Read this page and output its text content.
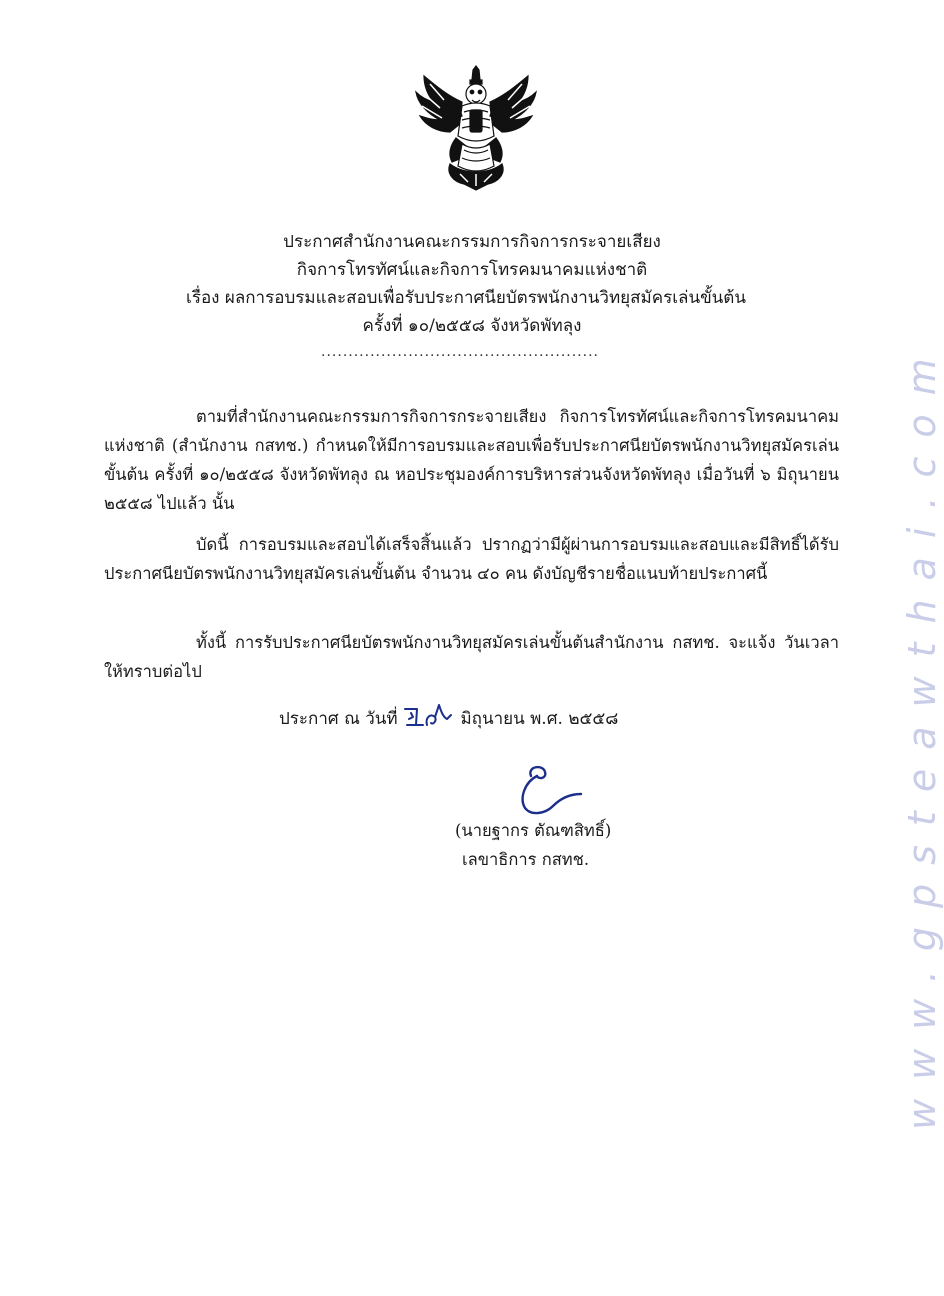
ประกาศสำนักงานคณะกรรมการกิจการกระจายเสียง
กิจการโทรทัศน์และกิจการโทรคมนาคมแห่งชาติ
เรื่อง ผลการอบรมและสอบเพื่อรับประกาศนียบัตรพนักงานวิทยุสมัครเล่นขั้นต้น
ครั้งที่ ๑๐/๒๕๕๘ จังหวัดพัทลุง
...................................................
ตามที่สำนักงานคณะกรรมการกิจการกระจายเสียง กิจการโทรทัศน์และกิจการโทรคมนาคมแห่งชาติ (สำนักงาน กสทช.) กำหนดให้มีการอบรมและสอบเพื่อรับประกาศนียบัตรพนักงานวิทยุสมัครเล่นขั้นต้น ครั้งที่ ๑๐/๒๕๕๘ จังหวัดพัทลุง ณ หอประชุมองค์การบริหารส่วนจังหวัดพัทลุง เมื่อวันที่ ๖ มิถุนายน ๒๕๕๘ ไปแล้ว นั้น
บัดนี้ การอบรมและสอบได้เสร็จสิ้นแล้ว ปรากฏว่ามีผู้ผ่านการอบรมและสอบและมีสิทธิ์ได้รับประกาศนียบัตรพนักงานวิทยุสมัครเล่นขั้นต้น จำนวน ๔๐ คน ดังบัญชีรายชื่อแนบท้ายประกาศนี้
ทั้งนี้ การรับประกาศนียบัตรพนักงานวิทยุสมัครเล่นขั้นต้นสำนักงาน กสทช. จะแจ้ง วันเวลา ให้ทราบต่อไป
ประกาศ ณ วันที่	มิถุนายน พ.ศ. ๒๕๕๘
(นายฐากร ตัณฑสิทธิ์)
เลขาธิการ กสทช.	www.gpsteawthai.com
